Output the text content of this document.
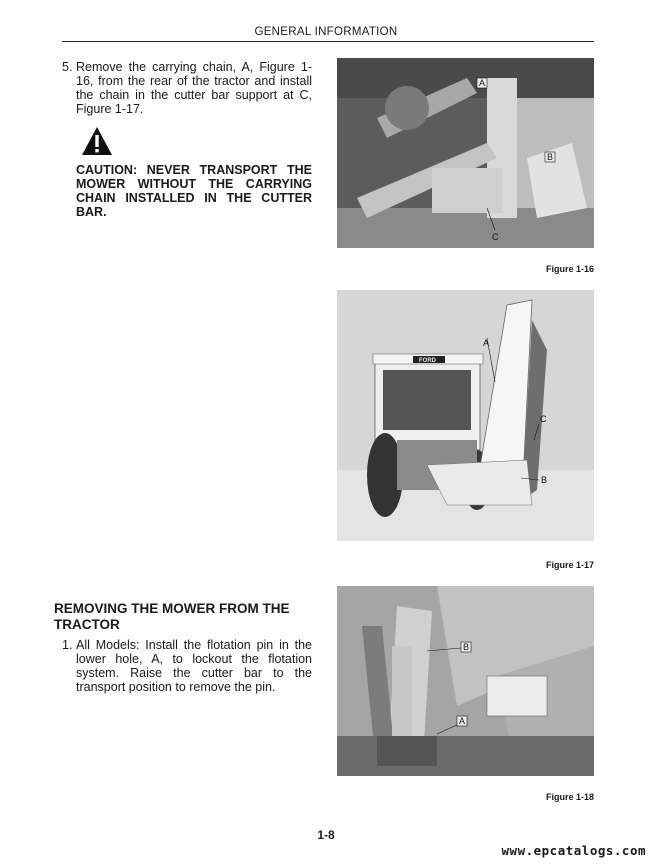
GENERAL INFORMATION
5. Remove the carrying chain, A, Figure 1-16, from the rear of the tractor and install the chain in the cutter bar support at C, Figure 1-17.
CAUTION: NEVER TRANSPORT THE
MOWER WITHOUT THE CARRYING
CHAIN INSTALLED IN THE CUTTER BAR.
A
B
C
Figure 1-16
FORD
A
C
B
Figure 1-17
REMOVING THE MOWER FROM THE
TRACTOR
1. All Models: Install the flotation pin in the lower hole, A, to lockout the flotation system. Raise the cutter bar to the transport position to remove the pin.
B
A
Figure 1-18
1-8
www.epcatalogs.com
